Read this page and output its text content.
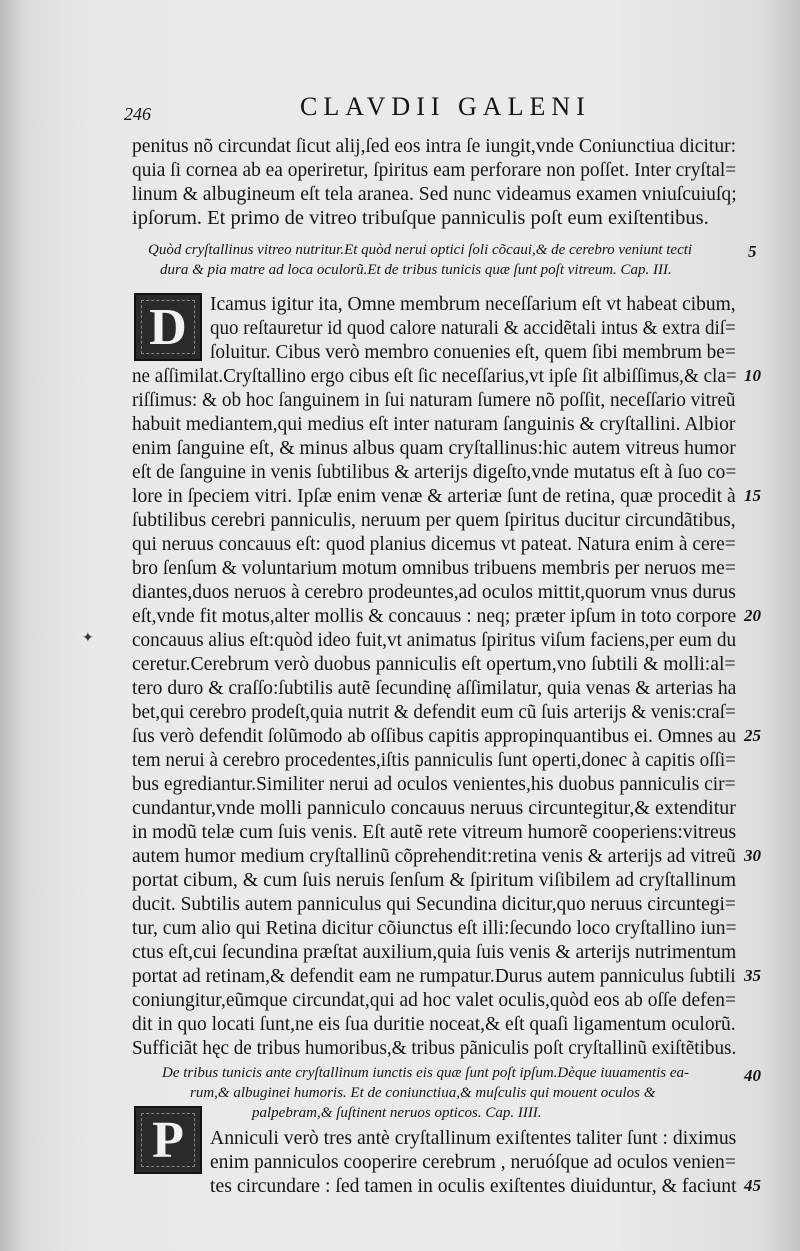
246	CLAVDII GALENI
penitus nõ circundat ſicut alij,ſed eos intra ſe iungit,vnde Coniunctiua dicitur:
quia ſi cornea ab ea operiretur, ſpiritus eam perforare non poſſet. Inter cryſtal=
linum & albugineum eſt tela aranea. Sed nunc videamus examen vniuſcuiuſq;
ipſorum. Et primo de vitreo tribuſque panniculis poſt eum exiſtentibus.
Quòd cryſtallinus vitreo nutritur.Et quòd nerui optici ſoli cõcaui,& de cerebro veniunt tecti
dura & pia matre ad loca oculorũ.Et de tribus tunicis quæ ſunt poſt vitreum. Cap. III.
D Icamus igitur ita, Omne membrum neceſſarium eſt vt habeat cibum,
quo reſtauretur id quod calore naturali & accidẽtali intus & extra diſ=
ſoluitur. Cibus verò membro conuenies eſt, quem ſibi membrum be=
ne aſſimilat.Cryſtallino ergo cibus eſt ſic neceſſarius,vt ipſe ſit albiſſimus,& cla=
riſſimus: & ob hoc ſanguinem in ſui naturam ſumere nõ poſſit, neceſſario vitreũ
habuit mediantem,qui medius eſt inter naturam ſanguinis & cryſtallini. Albior
enim ſanguine eſt, & minus albus quam cryſtallinus:hic autem vitreus humor
eſt de ſanguine in venis ſubtilibus & arterijs digeſto,vnde mutatus eſt à ſuo co=
lore in ſpeciem vitri. Ipſæ enim venæ & arteriæ ſunt de retina, quæ procedit à
ſubtilibus cerebri panniculis, neruum per quem ſpiritus ducitur circundãtibus,
qui neruus concauus eſt: quod planius dicemus vt pateat. Natura enim à cere=
bro ſenſum & voluntarium motum omnibus tribuens membris per neruos me=
diantes,duos neruos à cerebro prodeuntes,ad oculos mittit,quorum vnus durus
eſt,vnde fit motus,alter mollis & concauus : neq; præter ipſum in toto corpore
concauus alius eſt:quòd ideo fuit,vt animatus ſpiritus viſum faciens,per eum du
ceretur.Cerebrum verò duobus panniculis eſt opertum,vno ſubtili & molli:al=
tero duro & craſſo:ſubtilis autẽ ſecundinę aſſimilatur, quia venas & arterias ha
bet,qui cerebro prodeſt,quia nutrit & defendit eum cũ ſuis arterijs & venis:craſ=
ſus verò defendit ſolũmodo ab oſſibus capitis appropinquantibus ei. Omnes au
tem nerui à cerebro procedentes,iſtis panniculis ſunt operti,donec à capitis oſſi=
bus egrediantur.Similiter nerui ad oculos venientes,his duobus panniculis cir=
cundantur,vnde molli panniculo concauus neruus circuntegitur,& extenditur
in modũ telæ cum ſuis venis. Eſt autẽ rete vitreum humorẽ cooperiens:vitreus
autem humor medium cryſtallinũ cõprehendit:retina venis & arterijs ad vitreũ
portat cibum, & cum ſuis neruis ſenſum & ſpiritum viſibilem ad cryſtallinum
ducit. Subtilis autem panniculus qui Secundina dicitur,quo neruus circuntegi=
tur, cum alio qui Retina dicitur cõiunctus eſt illi:ſecundo loco cryſtallino iun=
ctus eſt,cui ſecundina præſtat auxilium,quia ſuis venis & arterijs nutrimentum
portat ad retinam,& defendit eam ne rumpatur.Durus autem panniculus ſubtili
coniungitur,eũmque circundat,qui ad hoc valet oculis,quòd eos ab oſſe defen=
dit in quo locati ſunt,ne eis ſua duritie noceat,& eſt quaſi ligamentum oculorũ.
Sufficiãt hęc de tribus humoribus,& tribus pãniculis poſt cryſtallinũ exiſtẽtibus.
De tribus tunicis ante cryſtallinum iunctis eis quæ ſunt poſt ipſum.Dèque iuuamentis ea-
rum,& albuginei humoris. Et de coniunctiua,& muſculis qui mouent oculos &
palpebram,& ſuſtinent neruos opticos. Cap. IIII.
P Anniculi verò tres antè cryſtallinum exiſtentes taliter ſunt : diximus
enim panniculos cooperire cerebrum , neruóſque ad oculos venien=
tes circundare : ſed tamen in oculis exiſtentes diuiduntur, & faciunt
5
10
15
20
25
30
35
40
45
✦
